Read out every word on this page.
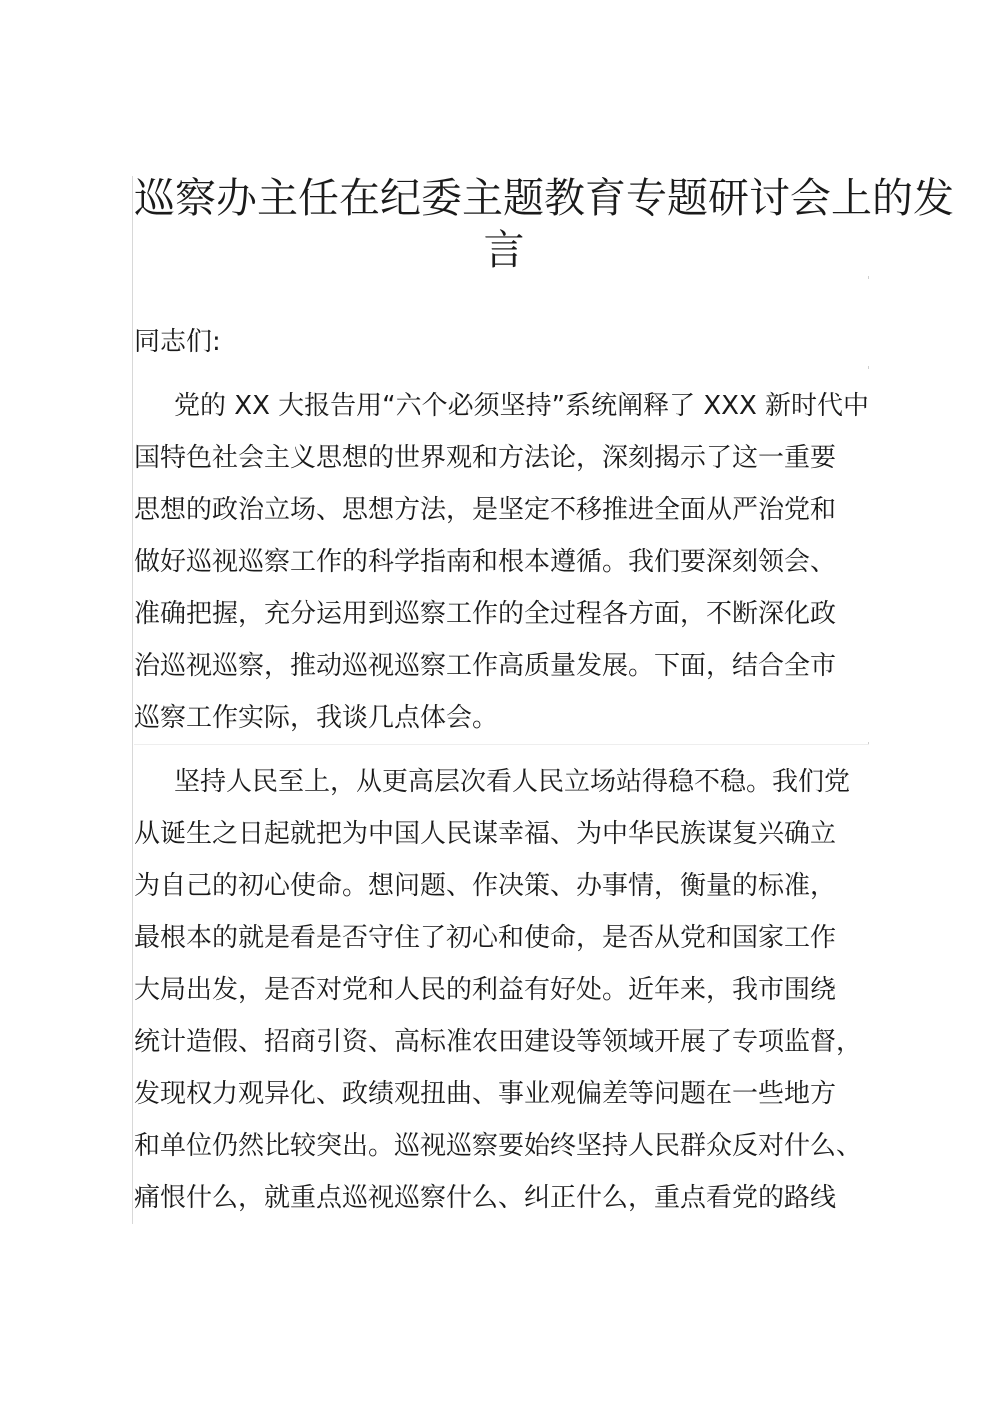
巡察办主任在纪委主题教育专题研讨会上的发
言

同志们:

党的 XX 大报告用“六个必须坚持”系统阐释了 XXX 新时代中
国特色社会主义思想的世界观和方法论，深刻揭示了这一重要
思想的政治立场、思想方法，是坚定不移推进全面从严治党和
做好巡视巡察工作的科学指南和根本遵循。我们要深刻领会、
准确把握，充分运用到巡察工作的全过程各方面，不断深化政
治巡视巡察，推动巡视巡察工作高质量发展。下面，结合全市
巡察工作实际，我谈几点体会。
坚持人民至上，从更高层次看人民立场站得稳不稳。我们党
从诞生之日起就把为中国人民谋幸福、为中华民族谋复兴确立
为自己的初心使命。想问题、作决策、办事情，衡量的标准，
最根本的就是看是否守住了初心和使命，是否从党和国家工作
大局出发，是否对党和人民的利益有好处。近年来，我市围绕
统计造假、招商引资、高标准农田建设等领域开展了专项监督，
发现权力观异化、政绩观扭曲、事业观偏差等问题在一些地方
和单位仍然比较突出。巡视巡察要始终坚持人民群众反对什么、
痛恨什么，就重点巡视巡察什么、纠正什么，重点看党的路线
